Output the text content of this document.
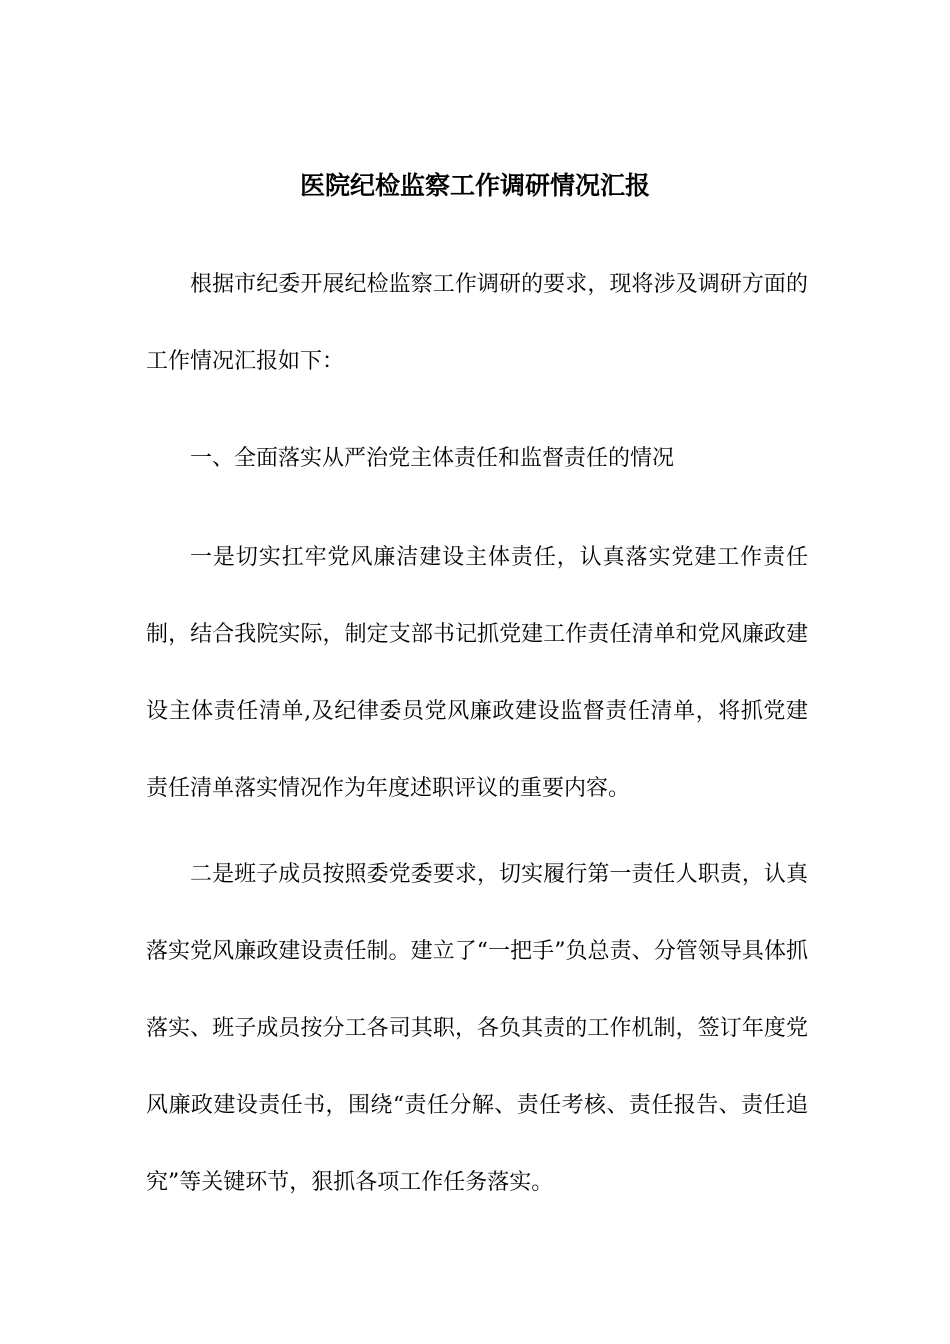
医院纪检监察工作调研情况汇报

根据市纪委开展纪检监察工作调研的要求，现将涉及调研方面的工作情况汇报如下：

一、全面落实从严治党主体责任和监督责任的情况

一是切实扛牢党风廉洁建设主体责任，认真落实党建工作责任制，结合我院实际，制定支部书记抓党建工作责任清单和党风廉政建设主体责任清单,及纪律委员党风廉政建设监督责任清单，将抓党建责任清单落实情况作为年度述职评议的重要内容。

二是班子成员按照委党委要求，切实履行第一责任人职责，认真落实党风廉政建设责任制。建立了“一把手”负总责、分管领导具体抓落实、班子成员按分工各司其职，各负其责的工作机制，签订年度党风廉政建设责任书，围绕“责任分解、责任考核、责任报告、责任追究”等关键环节，狠抓各项工作任务落实。
